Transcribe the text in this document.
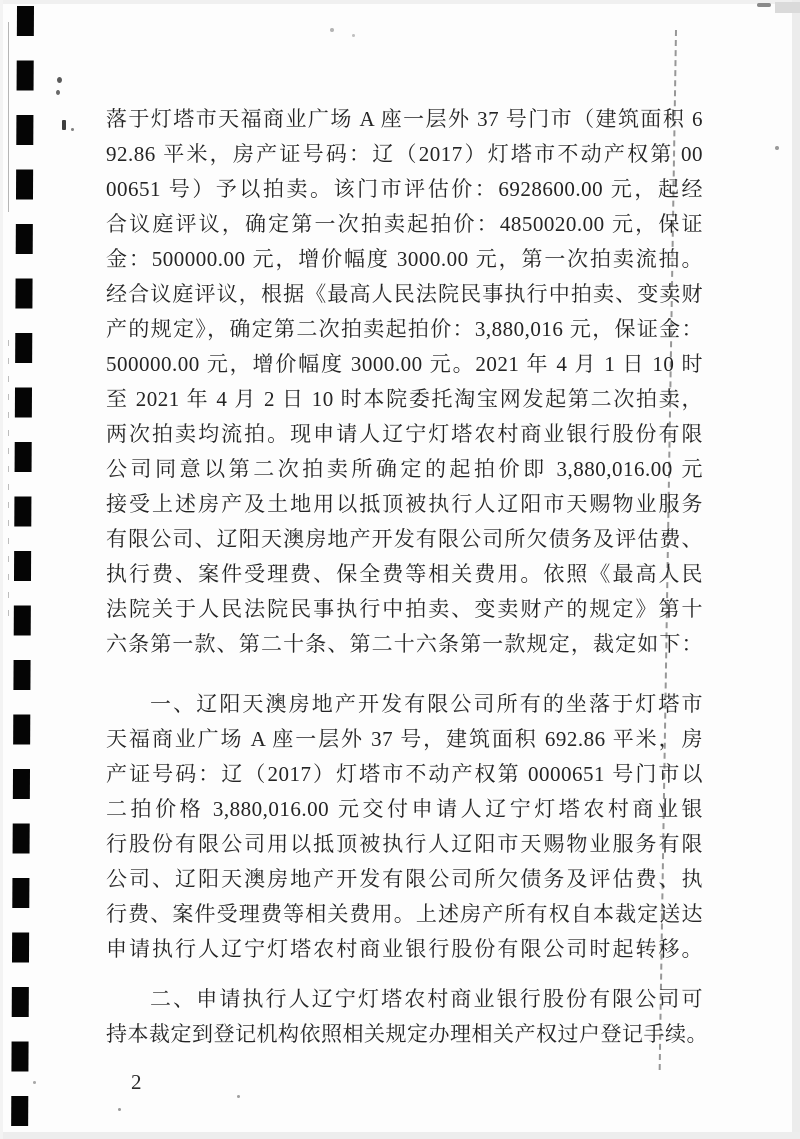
落于灯塔市天福商业广场 A 座一层外 37 号门市（建筑面积 6
92.86 平米，房产证号码：辽（2017）灯塔市不动产权第 00
00651 号）予以拍卖。该门市评估价：6928600.00 元，起经
合议庭评议，确定第一次拍卖起拍价：4850020.00 元，保证
金：500000.00 元，增价幅度 3000.00 元，第一次拍卖流拍。
经合议庭评议，根据《最高人民法院民事执行中拍卖、变卖财
产的规定》，确定第二次拍卖起拍价：3,880,016 元，保证金：
500000.00 元，增价幅度 3000.00 元。2021 年 4 月 1 日 10 时
至 2021 年 4 月 2 日 10 时本院委托淘宝网发起第二次拍卖，
两次拍卖均流拍。现申请人辽宁灯塔农村商业银行股份有限
公司同意以第二次拍卖所确定的起拍价即 3,880,016.00 元
接受上述房产及土地用以抵顶被执行人辽阳市天赐物业服务
有限公司、辽阳天澳房地产开发有限公司所欠债务及评估费、
执行费、案件受理费、保全费等相关费用。依照《最高人民
法院关于人民法院民事执行中拍卖、变卖财产的规定》第十
六条第一款、第二十条、第二十六条第一款规定，裁定如下：
一、辽阳天澳房地产开发有限公司所有的坐落于灯塔市
天福商业广场 A 座一层外 37 号，建筑面积 692.86 平米，房
产证号码：辽（2017）灯塔市不动产权第 0000651 号门市以
二拍价格 3,880,016.00 元交付申请人辽宁灯塔农村商业银
行股份有限公司用以抵顶被执行人辽阳市天赐物业服务有限
公司、辽阳天澳房地产开发有限公司所欠债务及评估费、执
行费、案件受理费等相关费用。上述房产所有权自本裁定送达
申请执行人辽宁灯塔农村商业银行股份有限公司时起转移。
二、申请执行人辽宁灯塔农村商业银行股份有限公司可
持本裁定到登记机构依照相关规定办理相关产权过户登记手续。
2
